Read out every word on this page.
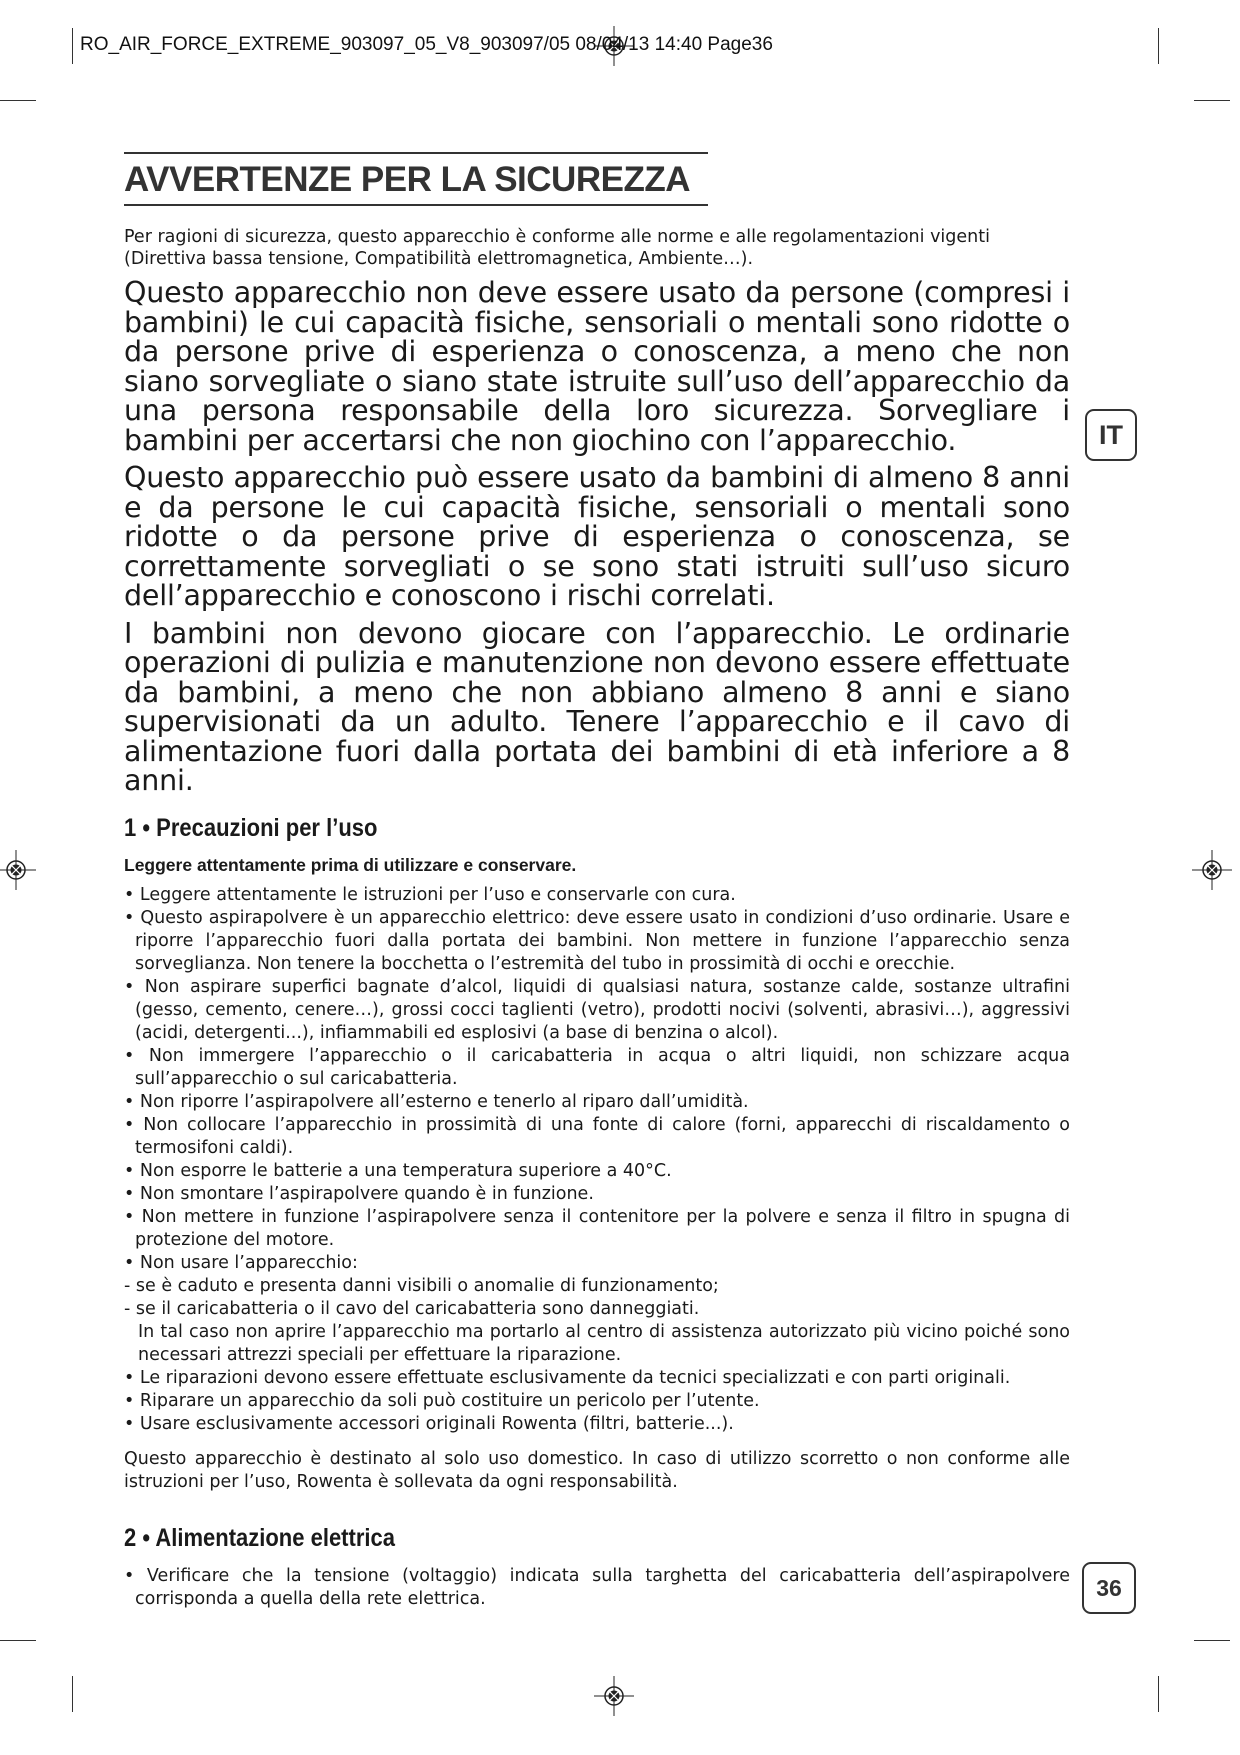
RO_AIR_FORCE_EXTREME_903097_05_V8_903097/05 08/04/13 14:40 Page36
AVVERTENZE PER LA SICUREZZA

Per ragioni di sicurezza, questo apparecchio è conforme alle norme e alle regolamentazioni vigenti (Direttiva bassa tensione, Compatibilità elettromagnetica, Ambiente…).

Questo apparecchio non deve essere usato da persone (compresi i bambini) le cui capacità fisiche, sensoriali o mentali sono ridotte o da persone prive di esperienza o conoscenza, a meno che non siano sorvegliate o siano state istruite sull’uso dell’apparecchio da una persona responsabile della loro sicurezza. Sorvegliare i bambini per accertarsi che non giochino con l’apparecchio.

Questo apparecchio può essere usato da bambini di almeno 8 anni e da persone le cui capacità fisiche, sensoriali o mentali sono ridotte o da persone prive di esperienza o conoscenza, se correttamente sorvegliati o se sono stati istruiti sull’uso sicuro dell’apparecchio e conoscono i rischi correlati.

I bambini non devono giocare con l’apparecchio. Le ordinarie operazioni di pulizia e manutenzione non devono essere effettuate da bambini, a meno che non abbiano almeno 8 anni e siano supervisionati da un adulto. Tenere l’apparecchio e il cavo di alimentazione fuori dalla portata dei bambini di età inferiore a 8 anni.

1 • Precauzioni per l’uso
Leggere attentamente prima di utilizzare e conservare.
• Leggere attentamente le istruzioni per l’uso e conservarle con cura.
• Questo aspirapolvere è un apparecchio elettrico: deve essere usato in condizioni d’uso ordinarie. Usare e riporre l’apparecchio fuori dalla portata dei bambini. Non mettere in funzione l’apparecchio senza sorveglianza. Non tenere la bocchetta o l’estremità del tubo in prossimità di occhi e orecchie.
• Non aspirare superfici bagnate d’alcol, liquidi di qualsiasi natura, sostanze calde, sostanze ultrafini (gesso, cemento, cenere…), grossi cocci taglienti (vetro), prodotti nocivi (solventi, abrasivi…), aggressivi (acidi, detergenti...), infiammabili ed esplosivi (a base di benzina o alcol).
• Non immergere l’apparecchio o il caricabatteria in acqua o altri liquidi, non schizzare acqua sull’apparecchio o sul caricabatteria.
• Non riporre l’aspirapolvere all’esterno e tenerlo al riparo dall’umidità.
• Non collocare l’apparecchio in prossimità di una fonte di calore (forni, apparecchi di riscaldamento o termosifoni caldi).
• Non esporre le batterie a una temperatura superiore a 40°C.
• Non smontare l’aspirapolvere quando è in funzione.
• Non mettere in funzione l’aspirapolvere senza il contenitore per la polvere e senza il filtro in spugna di protezione del motore.
• Non usare l’apparecchio:
- se è caduto e presenta danni visibili o anomalie di funzionamento;
- se il caricabatteria o il cavo del caricabatteria sono danneggiati.
In tal caso non aprire l’apparecchio ma portarlo al centro di assistenza autorizzato più vicino poiché sono necessari attrezzi speciali per effettuare la riparazione.
• Le riparazioni devono essere effettuate esclusivamente da tecnici specializzati e con parti originali.
• Riparare un apparecchio da soli può costituire un pericolo per l’utente.
• Usare esclusivamente accessori originali Rowenta (filtri, batterie...).

Questo apparecchio è destinato al solo uso domestico. In caso di utilizzo scorretto o non conforme alle istruzioni per l’uso, Rowenta è sollevata da ogni responsabilità.

2 • Alimentazione elettrica
• Verificare che la tensione (voltaggio) indicata sulla targhetta del caricabatteria dell’aspirapolvere corrisponda a quella della rete elettrica.
IT
36
